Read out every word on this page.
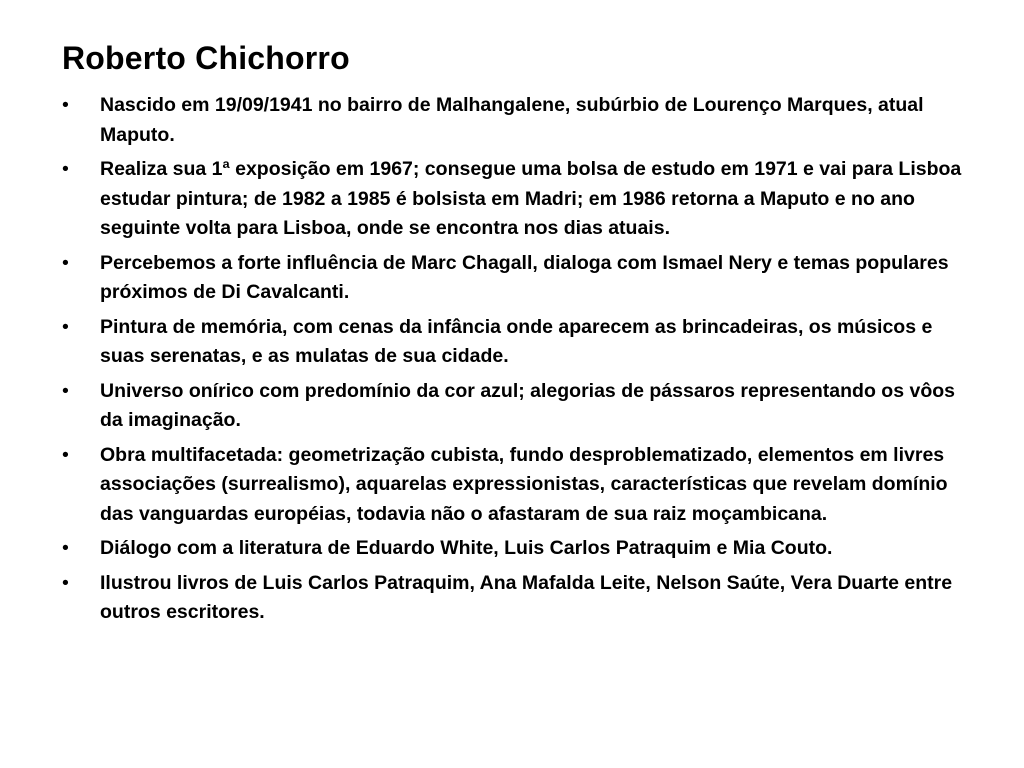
Roberto Chichorro
•	Nascido em 19/09/1941 no bairro de Malhangalene, subúrbio de Lourenço Marques, atual Maputo.
•	Realiza sua 1ª exposição em 1967; consegue uma bolsa de estudo em 1971 e vai para Lisboa estudar pintura; de 1982 a 1985 é bolsista em Madri; em 1986 retorna a Maputo e no ano seguinte volta para Lisboa, onde se encontra nos dias atuais.
•	Percebemos a forte influência de Marc Chagall, dialoga com Ismael Nery e temas populares próximos de Di Cavalcanti.
•	Pintura de memória, com cenas da infância onde aparecem as brincadeiras, os músicos e suas serenatas, e as mulatas de sua cidade.
•	Universo onírico com predomínio da cor azul; alegorias de pássaros representando os vôos da imaginação.
•	Obra multifacetada: geometrização cubista, fundo desproblematizado, elementos em livres associações (surrealismo), aquarelas expressionistas, características que revelam domínio das vanguardas européias, todavia não o afastaram de sua raiz moçambicana.
•	Diálogo com a literatura de Eduardo White, Luis Carlos Patraquim e Mia Couto.
•	Ilustrou livros de Luis Carlos Patraquim, Ana Mafalda Leite, Nelson Saúte, Vera Duarte entre outros escritores.
